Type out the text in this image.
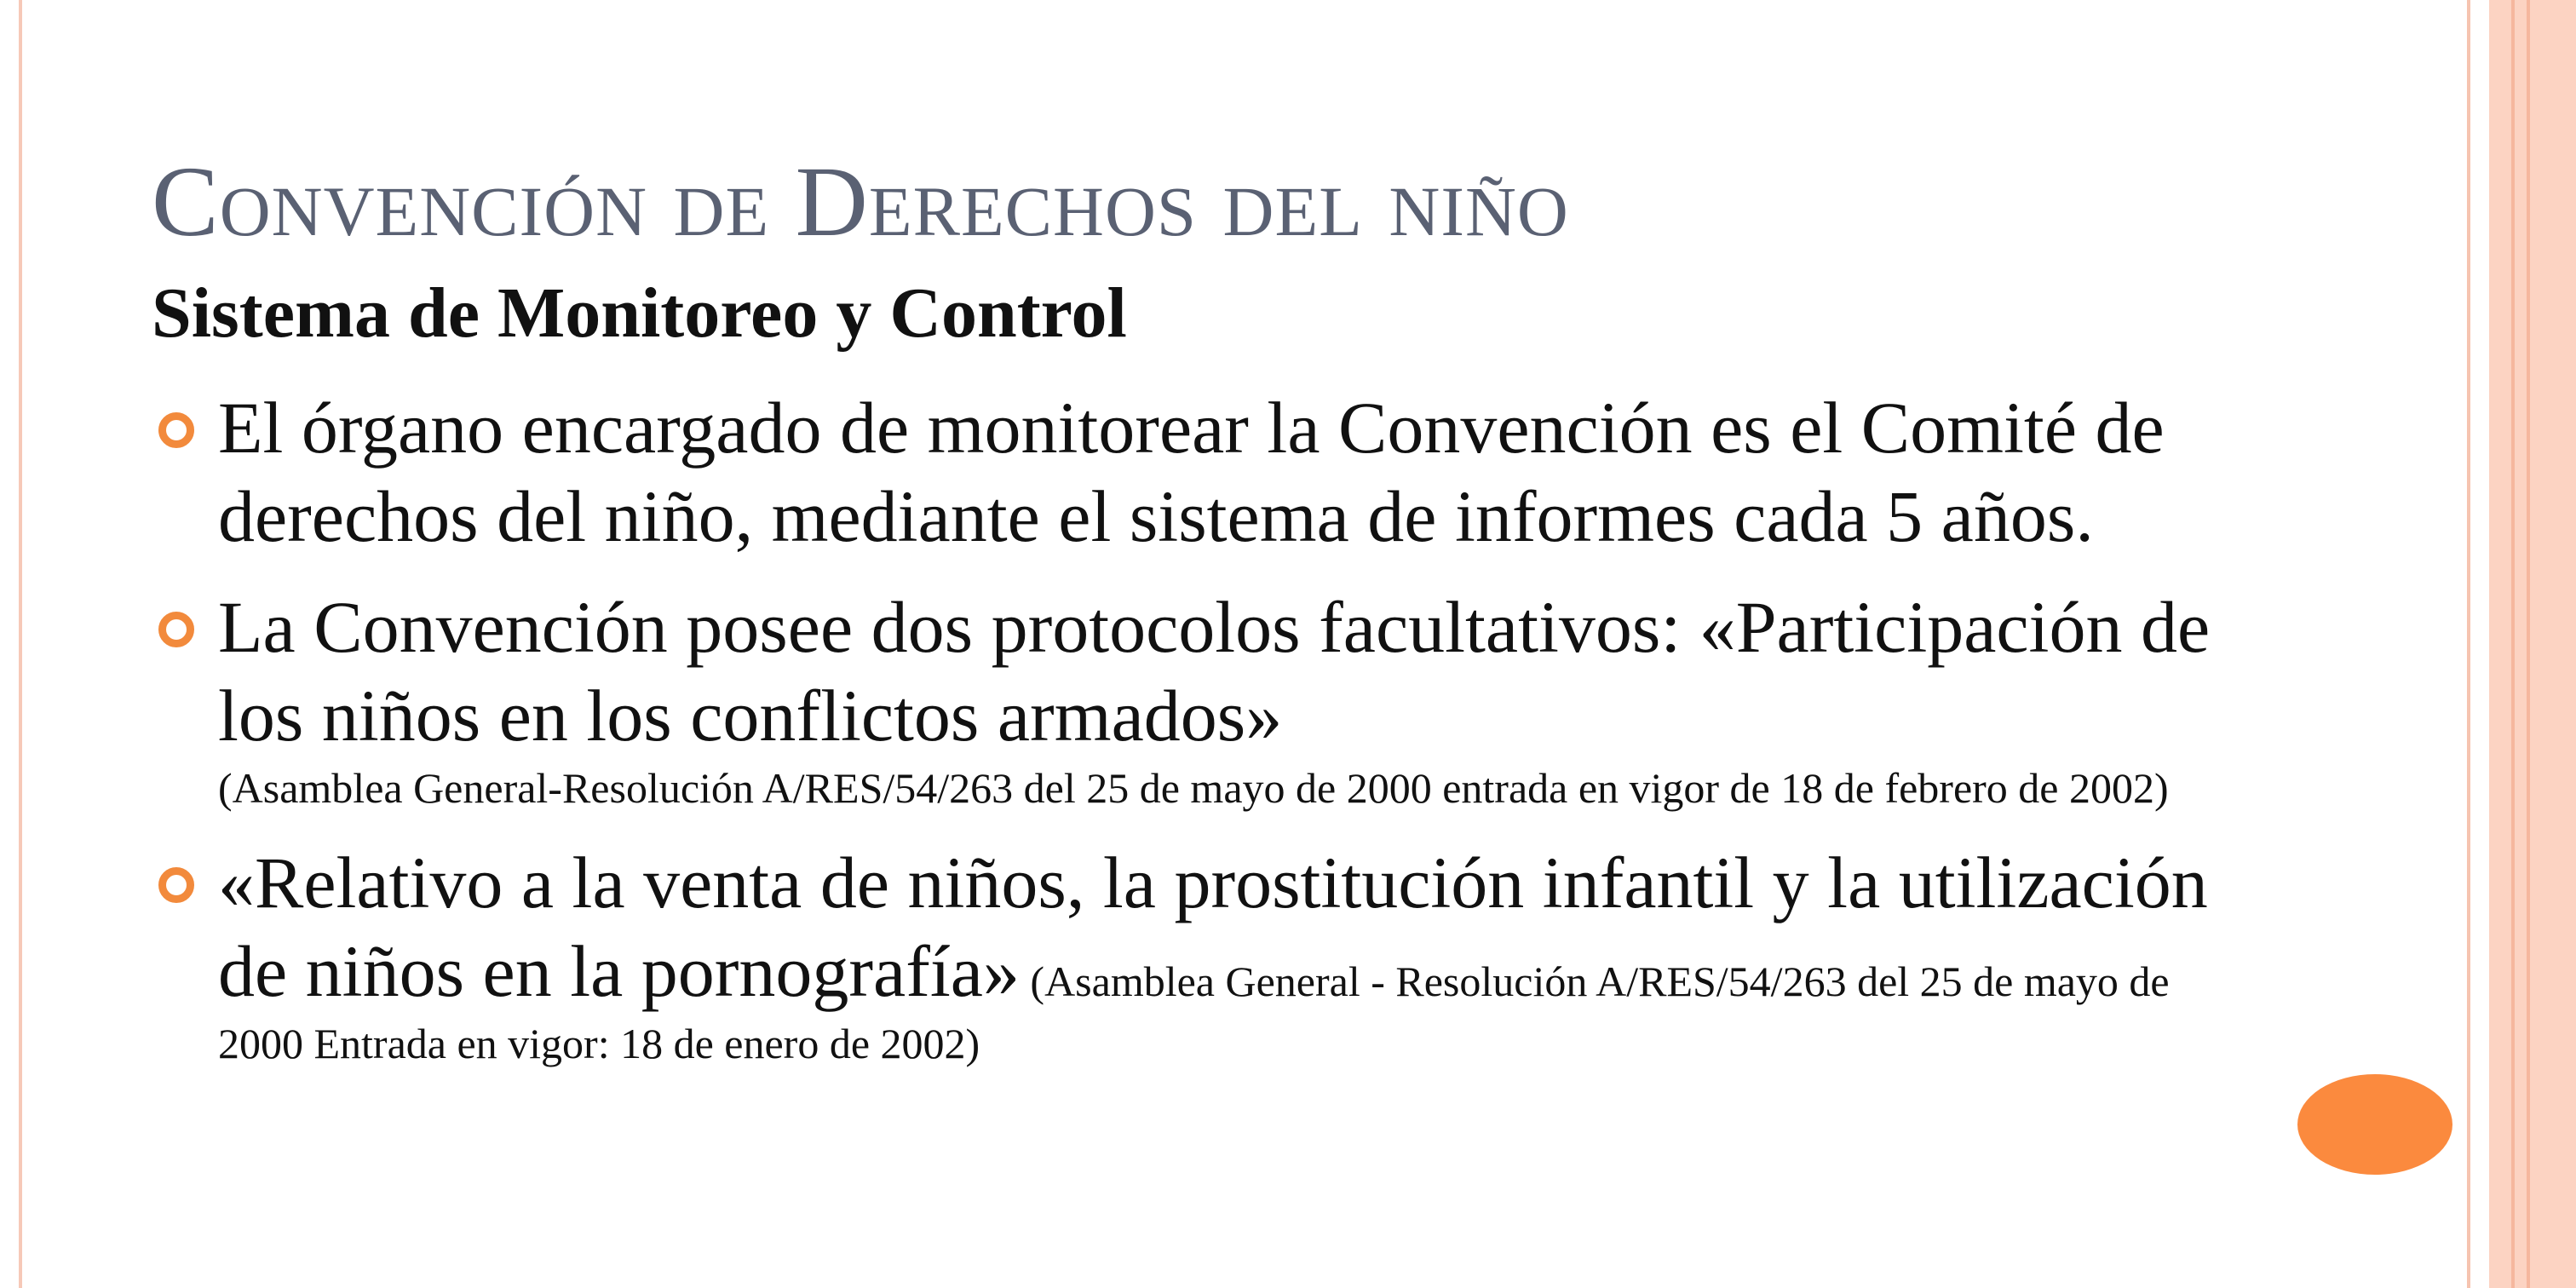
Convención de Derechos del niño
Sistema de Monitoreo y Control
El órgano encargado de monitorear la Convención es el Comité de derechos del niño, mediante el sistema de informes cada 5 años.
La Convención posee dos protocolos facultativos: «Participación de los niños en los conflictos armados»
(Asamblea General-Resolución A/RES/54/263 del 25 de mayo de 2000 entrada en vigor de 18 de febrero de 2002)
«Relativo a la venta de niños, la prostitución infantil y la utilización de niños en la pornografía» (Asamblea General - Resolución A/RES/54/263 del 25 de mayo de 2000 Entrada en vigor: 18 de enero de 2002)
